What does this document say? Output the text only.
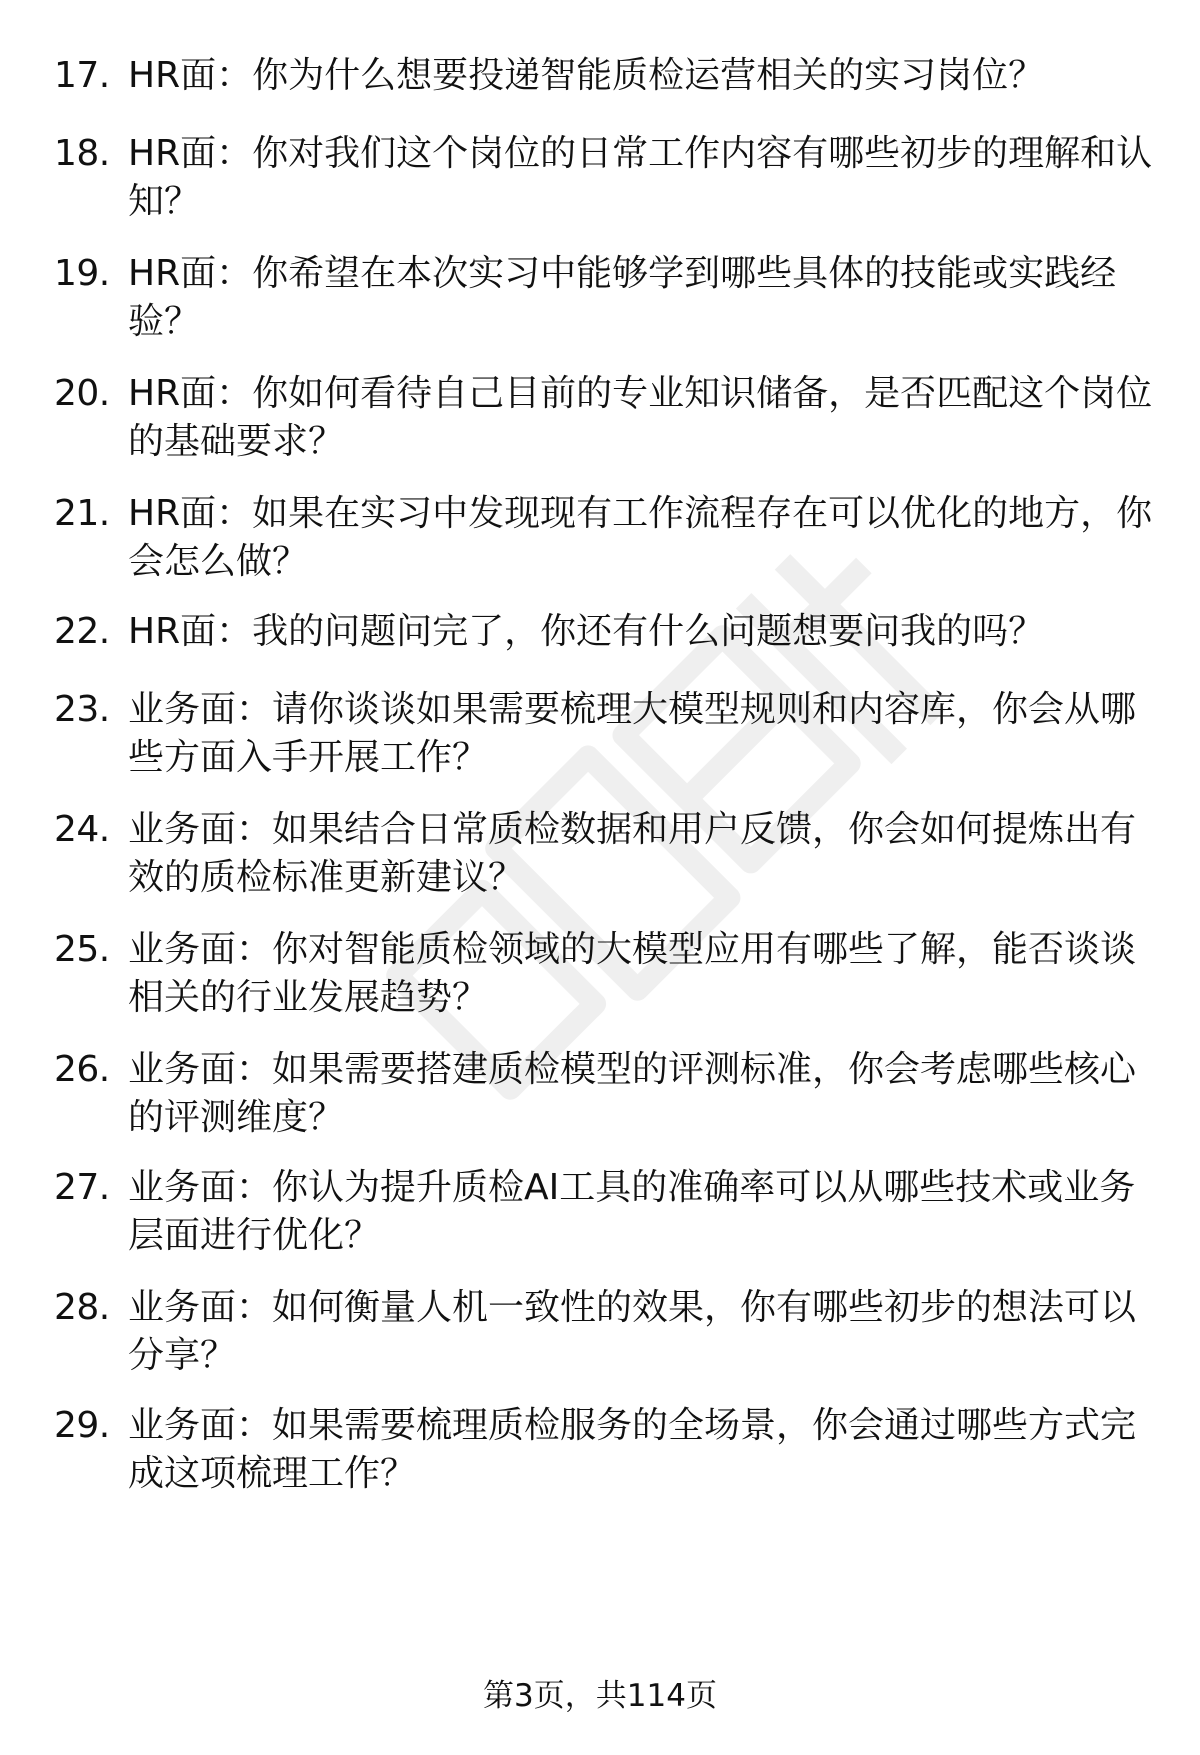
17. HR面：你为什么想要投递智能质检运营相关的实习岗位？
18. HR面：你对我们这个岗位的日常工作内容有哪些初步的理解和认
知？
19. HR面：你希望在本次实习中能够学到哪些具体的技能或实践经
验？
20. HR面：你如何看待自己目前的专业知识储备，是否匹配这个岗位
的基础要求？
21. HR面：如果在实习中发现现有工作流程存在可以优化的地方，你
会怎么做？
22. HR面：我的问题问完了，你还有什么问题想要问我的吗？
23. 业务面：请你谈谈如果需要梳理大模型规则和内容库，你会从哪
些方面入手开展工作？
24. 业务面：如果结合日常质检数据和用户反馈，你会如何提炼出有
效的质检标准更新建议？
25. 业务面：你对智能质检领域的大模型应用有哪些了解，能否谈谈
相关的行业发展趋势？
26. 业务面：如果需要搭建质检模型的评测标准，你会考虑哪些核心
的评测维度？
27. 业务面：你认为提升质检AI工具的准确率可以从哪些技术或业务
层面进行优化？
28. 业务面：如何衡量人机一致性的效果，你有哪些初步的想法可以
分享？
29. 业务面：如果需要梳理质检服务的全场景，你会通过哪些方式完
成这项梳理工作？
第3页，共114页
